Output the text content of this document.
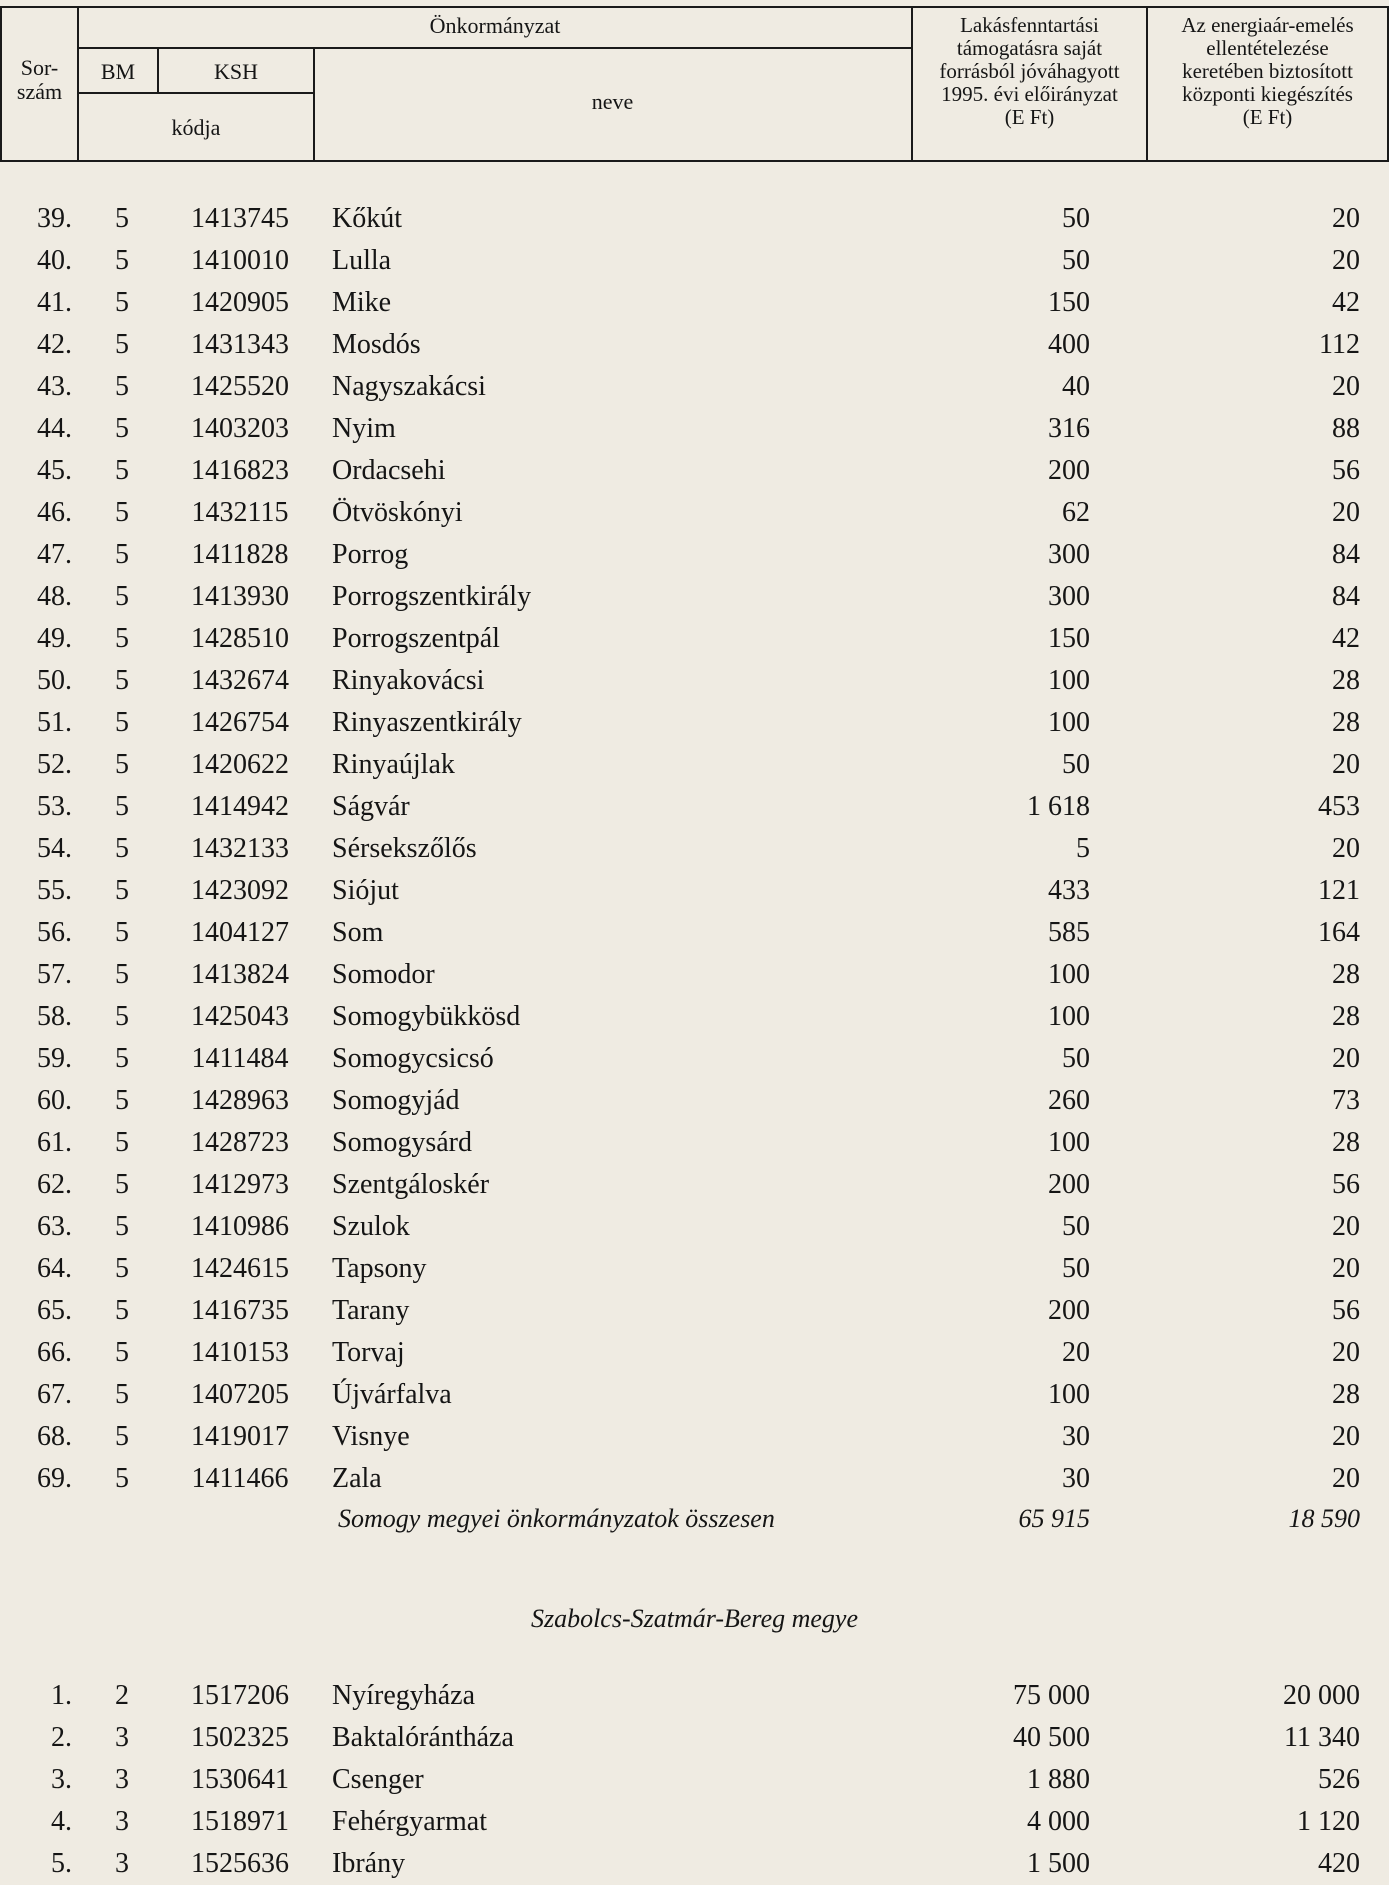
Sor-
szám
Önkormányzat
BM	KSH
kódja
neve
Lakásfenntartási
támogatásra saját
forrásból jóváhagyott
1995. évi előirányzat
(E Ft)
Az energiaár-emelés
ellentételezése
keretében biztosított
központi kiegészítés
(E Ft)
39. 5	1413745	Kőkút	50	20
40. 5	1410010	Lulla	50	20
41. 5	1420905	Mike	150	42
42. 5	1431343	Mosdós	400	112
43. 5	1425520	Nagyszakácsi	40	20
44. 5	1403203	Nyim	316	88
45. 5	1416823	Ordacsehi	200	56
46. 5	1432115	Ötvöskónyi	62	20
47. 5	1411828	Porrog	300	84
48. 5	1413930	Porrogszentkirály	300	84
49. 5	1428510	Porrogszentpál	150	42
50. 5	1432674	Rinyakovácsi	100	28
51. 5	1426754	Rinyaszentkirály	100	28
52. 5	1420622	Rinyaújlak	50	20
53. 5	1414942	Ságvár	1 618	453
54. 5	1432133	Sérsekszőlős	5	20
55. 5	1423092	Siójut	433	121
56. 5	1404127	Som	585	164
57. 5	1413824	Somodor	100	28
58. 5	1425043	Somogybükkösd	100	28
59. 5	1411484	Somogycsicsó	50	20
60. 5	1428963	Somogyjád	260	73
61. 5	1428723	Somogysárd	100	28
62. 5	1412973	Szentgáloskér	200	56
63. 5	1410986	Szulok	50	20
64. 5	1424615	Tapsony	50	20
65. 5	1416735	Tarany	200	56
66. 5	1410153	Torvaj	20	20
67. 5	1407205	Újvárfalva	100	28
68. 5	1419017	Visnye	30	20
69. 5	1411466	Zala	30	20
Somogy megyei önkormányzatok összesen	65 915	18 590
Szabolcs-Szatmár-Bereg megye
1. 2	1517206	Nyíregyháza	75 000	20 000
2. 3	1502325	Baktalórántháza	40 500	11 340
3. 3	1530641	Csenger	1 880	526
4. 3	1518971	Fehérgyarmat	4 000	1 120
5. 3	1525636	Ibrány	1 500	420
